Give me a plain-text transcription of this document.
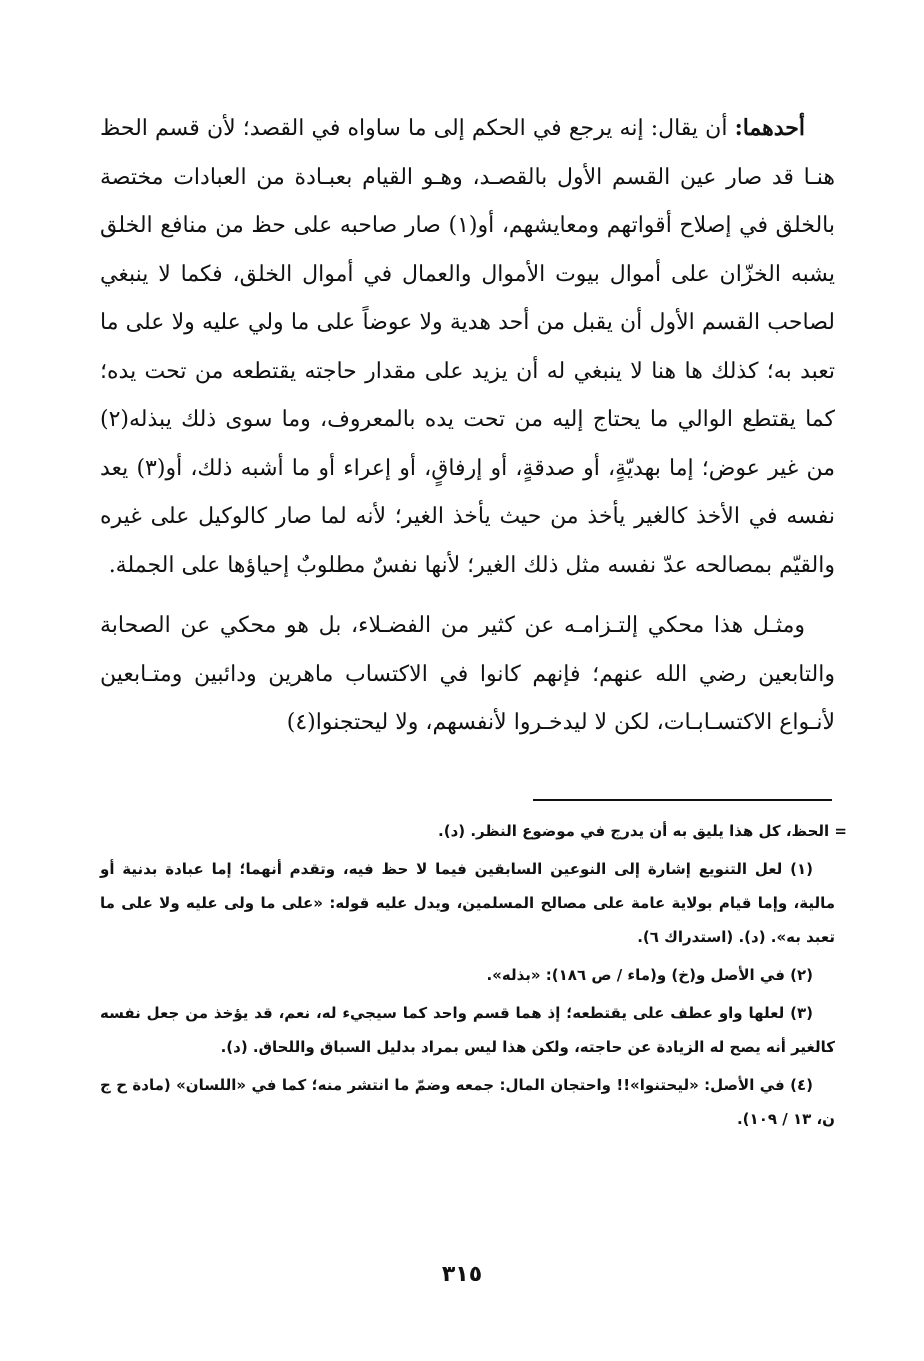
أحدهما: أن يقال: إنه يرجع في الحكم إلى ما ساواه في القصد؛ لأن قسم الحظ هنـا قد صار عين القسم الأول بالقصـد، وهـو القيام بعبـادة من العبادات مختصة بالخلق في إصلاح أقواتهم ومعايشهم، أو(١) صار صاحبه على حظ من منافع الخلق يشبه الخزّان على أموال بيوت الأموال والعمال في أموال الخلق، فكما لا ينبغي لصاحب القسم الأول أن يقبل من أحد هدية ولا عوضاً على ما ولي عليه ولا على ما تعبد به؛ كذلك ها هنا لا ينبغي له أن يزيد على مقدار حاجته يقتطعه من تحت يده؛ كما يقتطع الوالي ما يحتاج إليه من تحت يده بالمعروف، وما سوى ذلك يبذله(٢) من غير عوض؛ إما بهديّةٍ، أو صدقةٍ، أو إرفاقٍ، أو إعراء أو ما أشبه ذلك، أو(٣) يعد نفسه في الأخذ كالغير يأخذ من حيث يأخذ الغير؛ لأنه لما صار كالوكيل على غيره والقيّم بمصالحه عدّ نفسه مثل ذلك الغير؛ لأنها نفسٌ مطلوبٌ إحياؤها على الجملة.

ومثـل هذا محكي إلتـزامـه عن كثير من الفضـلاء، بل هو محكي عن الصحابة والتابعين رضي الله عنهم؛ فإنهم كانوا في الاكتساب ماهرين ودائبين ومتـابعين لأنـواع الاكتسـابـات، لكن لا ليدخـروا لأنفسهم، ولا ليحتجنوا(٤)

= الحظ، كل هذا يليق به أن يدرج في موضوع النظر. (د).

(١) لعل التنويع إشارة إلى النوعين السابقين فيما لا حظ فيه، وتقدم أنهما؛ إما عبادة بدنية أو مالية، وإما قيام بولاية عامة على مصالح المسلمين، ويدل عليه قوله: «على ما ولى عليه ولا على ما تعبد به». (د). (استدراك ٦).

(٢) في الأصل و(خ) و(ماء / ص ١٨٦): «بذله».

(٣) لعلها واو عطف على يقتطعه؛ إذ هما قسم واحد كما سيجيء له، نعم، قد يؤخذ من جعل نفسه كالغير أنه يصح له الزيادة عن حاجته، ولكن هذا ليس بمراد بدليل السباق واللحاق. (د).

(٤) في الأصل: «ليحتنوا»!! واحتجان المال: جمعه وضمّ ما انتشر منه؛ كما في «اللسان» (مادة ح ج ن، ١٣ / ١٠٩).

٣١٥
